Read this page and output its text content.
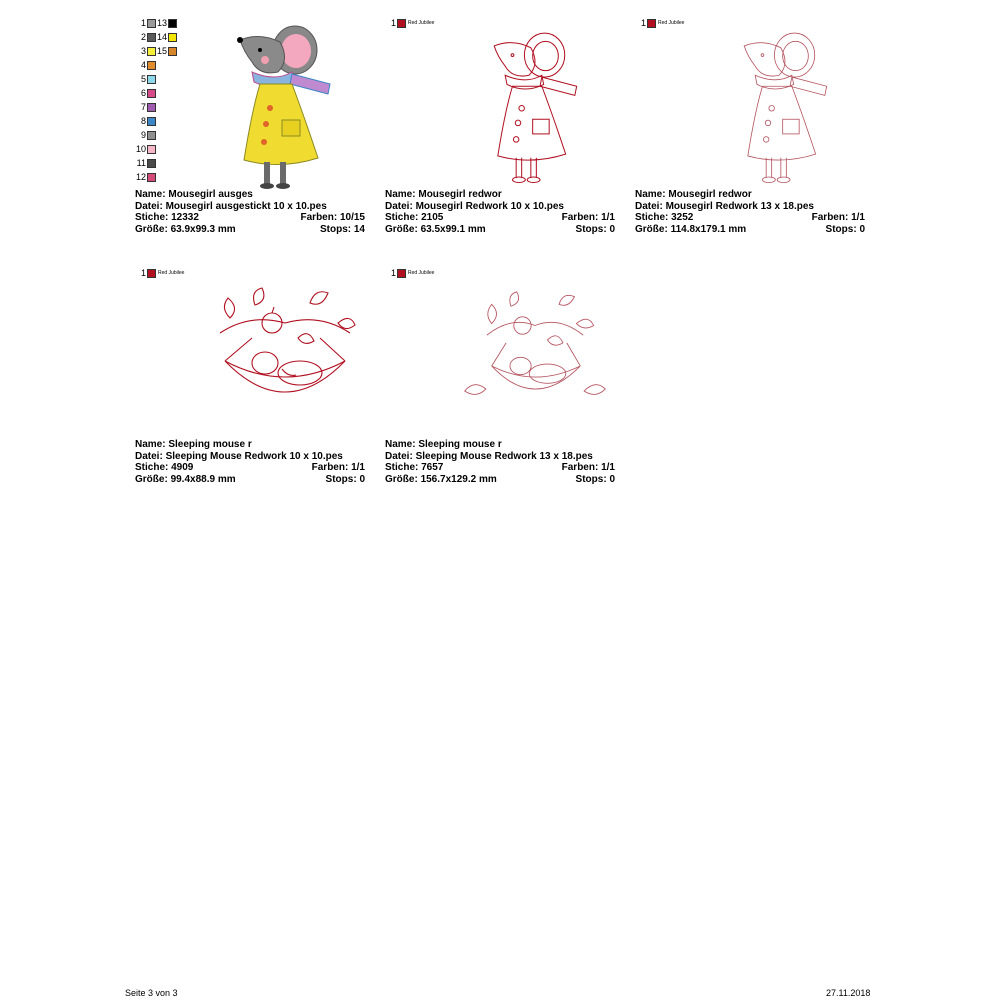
1
2
3
4
5
6
7
8
9
10
11
12
13
14
15
Name: Mousegirl ausges
Datei: Mousegirl ausgestickt 10 x 10.pes
Stiche: 12332	Farben: 10/15
Größe: 63.9x99.3 mm	Stops: 14
1 Red Jubilee
Name: Mousegirl redwor
Datei: Mousegirl Redwork 10 x 10.pes
Stiche: 2105	Farben: 1/1
Größe: 63.5x99.1 mm	Stops: 0
1 Red Jubilee
Name: Mousegirl redwor
Datei: Mousegirl Redwork 13 x 18.pes
Stiche: 3252	Farben: 1/1
Größe: 114.8x179.1 mm	Stops: 0
1 Red Jubilee
Name: Sleeping mouse r
Datei: Sleeping Mouse Redwork 10 x 10.pes
Stiche: 4909	Farben: 1/1
Größe: 99.4x88.9 mm	Stops: 0
1 Red Jubilee
Name: Sleeping mouse r
Datei: Sleeping Mouse Redwork 13 x 18.pes
Stiche: 7657	Farben: 1/1
Größe: 156.7x129.2 mm	Stops: 0
Seite 3 von 3	27.11.2018
